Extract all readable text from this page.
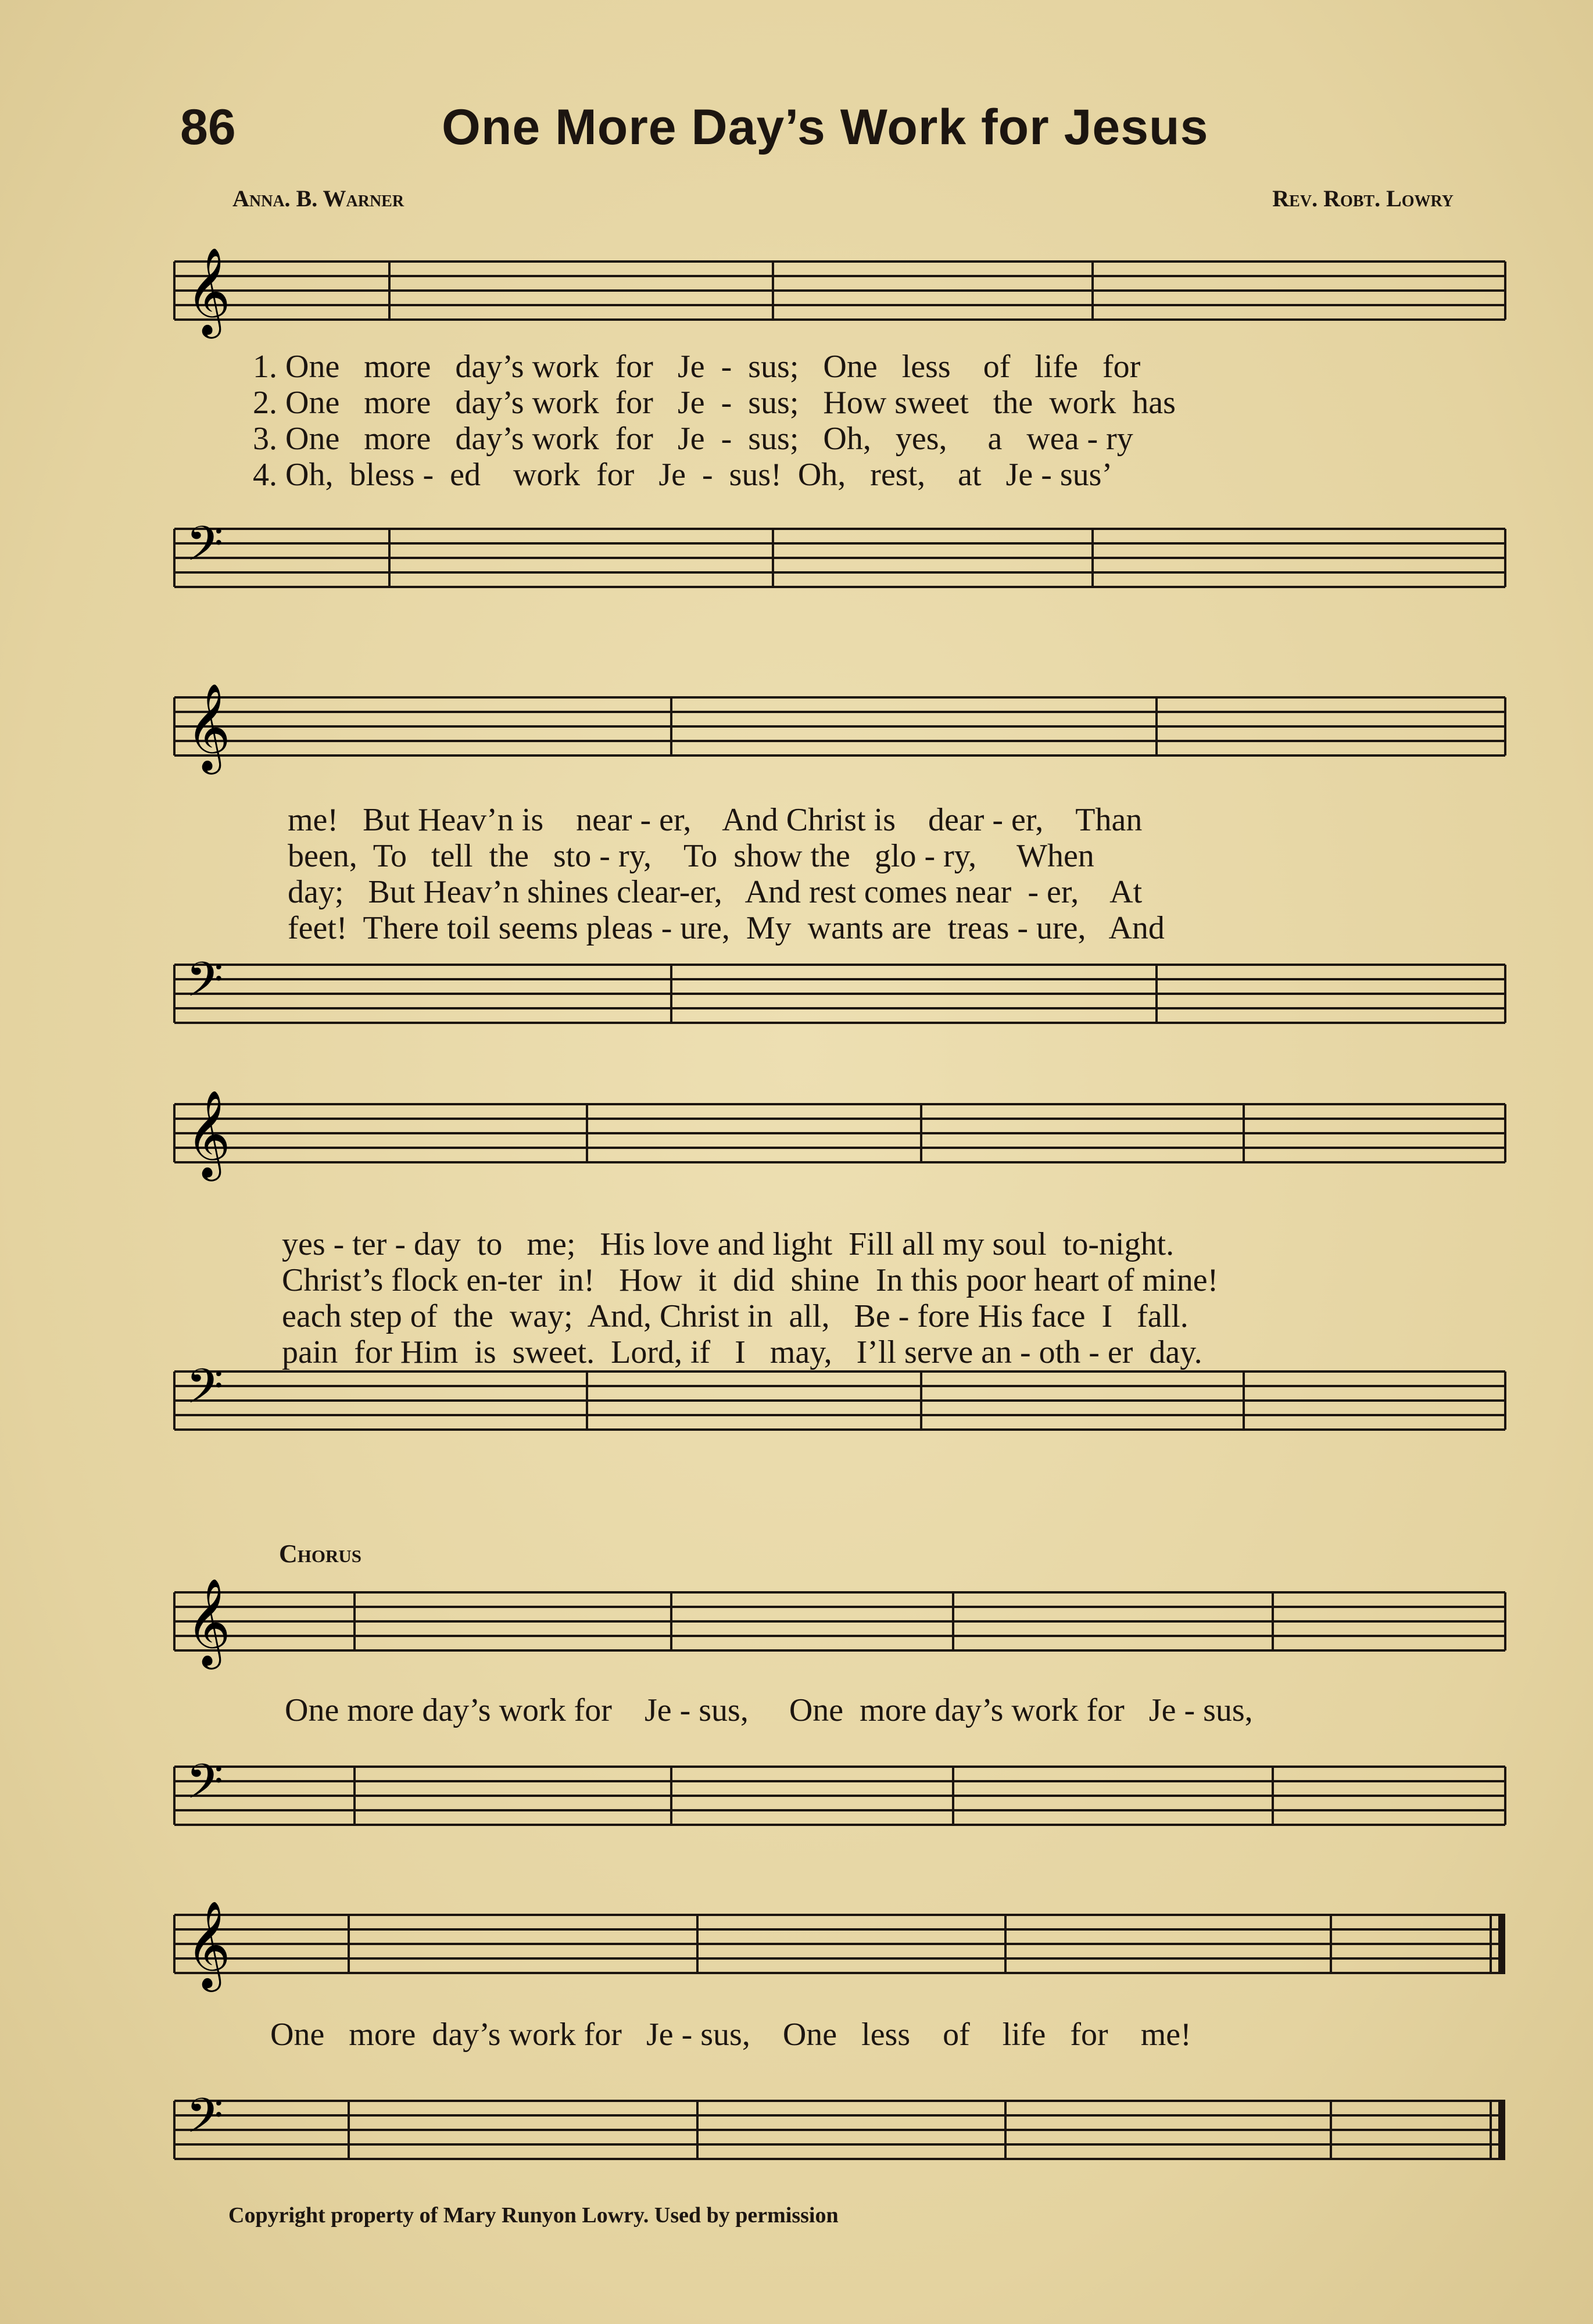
86	One More Day’s Work for Jesus
Anna. B. Warner	Rev. Robt. Lowry
𝄞
𝄢
1. One   more   day’s work  for   Je  -  sus;   One   less    of   life   for
2. One   more   day’s work  for   Je  -  sus;   How sweet   the  work  has
3. One   more   day’s work  for   Je  -  sus;   Oh,   yes,     a   wea - ry
4. Oh,  bless -  ed    work  for   Je  -  sus!  Oh,   rest,    at   Je - sus’
𝄞
𝄢
me!   But Heav’n is    near - er,    And Christ is    dear - er,    Than
been,  To   tell  the   sto - ry,    To  show the   glo - ry,     When
day;   But Heav’n shines clear-er,   And rest comes near  - er,    At
feet!  There toil seems pleas - ure,  My  wants are  treas - ure,   And
𝄞
𝄢
yes - ter - day  to   me;   His love and light  Fill all my soul  to-night.
Christ’s flock en-ter  in!   How  it  did  shine  In this poor heart of mine!
each step of  the  way;  And, Christ in  all,   Be - fore His face  I   fall.
pain  for Him  is  sweet.  Lord, if   I   may,   I’ll serve an - oth - er  day.
Chorus
𝄞
𝄢
One more day’s work for    Je - sus,     One  more day’s work for   Je - sus,
𝄞
𝄢
One   more  day’s work for   Je - sus,    One   less    of    life   for    me!
Copyright property of Mary Runyon Lowry. Used by permission
